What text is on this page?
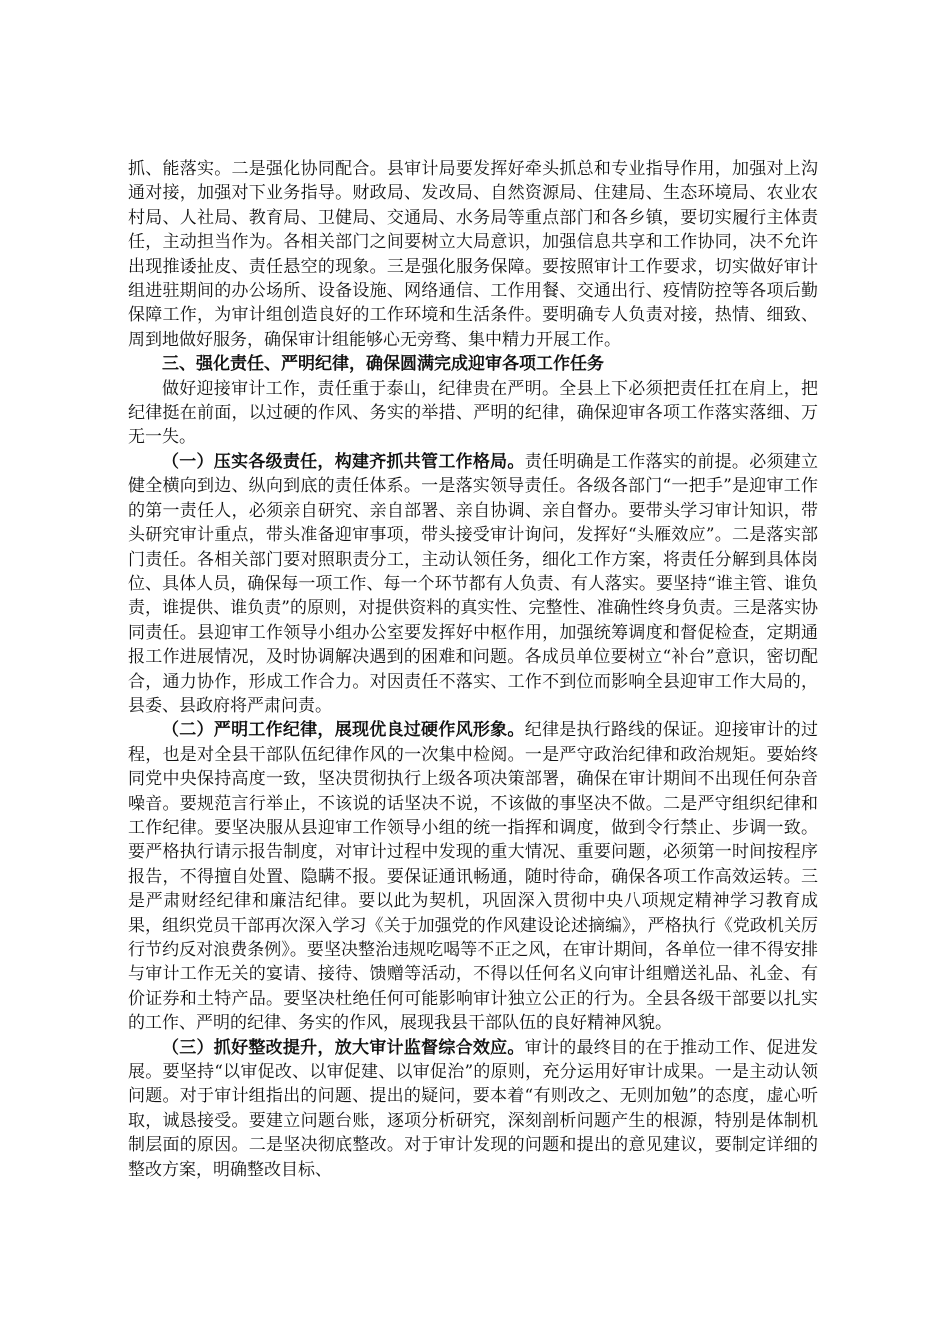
抓、能落实。二是强化协同配合。县审计局要发挥好牵头抓总和专业指导作用，加强对上沟通对接，加强对下业务指导。财政局、发改局、自然资源局、住建局、生态环境局、农业农村局、人社局、教育局、卫健局、交通局、水务局等重点部门和各乡镇，要切实履行主体责任，主动担当作为。各相关部门之间要树立大局意识，加强信息共享和工作协同，决不允许出现推诿扯皮、责任悬空的现象。三是强化服务保障。要按照审计工作要求，切实做好审计组进驻期间的办公场所、设备设施、网络通信、工作用餐、交通出行、疫情防控等各项后勤保障工作，为审计组创造良好的工作环境和生活条件。要明确专人负责对接，热情、细致、周到地做好服务，确保审计组能够心无旁骛、集中精力开展工作。

三、强化责任、严明纪律，确保圆满完成迎审各项工作任务

做好迎接审计工作，责任重于泰山，纪律贵在严明。全县上下必须把责任扛在肩上，把纪律挺在前面，以过硬的作风、务实的举措、严明的纪律，确保迎审各项工作落实落细、万无一失。

（一）压实各级责任，构建齐抓共管工作格局。责任明确是工作落实的前提。必须建立健全横向到边、纵向到底的责任体系。一是落实领导责任。各级各部门“一把手”是迎审工作的第一责任人，必须亲自研究、亲自部署、亲自协调、亲自督办。要带头学习审计知识，带头研究审计重点，带头准备迎审事项，带头接受审计询问，发挥好“头雁效应”。二是落实部门责任。各相关部门要对照职责分工，主动认领任务，细化工作方案，将责任分解到具体岗位、具体人员，确保每一项工作、每一个环节都有人负责、有人落实。要坚持“谁主管、谁负责，谁提供、谁负责”的原则，对提供资料的真实性、完整性、准确性终身负责。三是落实协同责任。县迎审工作领导小组办公室要发挥好中枢作用，加强统筹调度和督促检查，定期通报工作进展情况，及时协调解决遇到的困难和问题。各成员单位要树立“补台”意识，密切配合，通力协作，形成工作合力。对因责任不落实、工作不到位而影响全县迎审工作大局的，县委、县政府将严肃问责。

（二）严明工作纪律，展现优良过硬作风形象。纪律是执行路线的保证。迎接审计的过程，也是对全县干部队伍纪律作风的一次集中检阅。一是严守政治纪律和政治规矩。要始终同党中央保持高度一致，坚决贯彻执行上级各项决策部署，确保在审计期间不出现任何杂音噪音。要规范言行举止，不该说的话坚决不说，不该做的事坚决不做。二是严守组织纪律和工作纪律。要坚决服从县迎审工作领导小组的统一指挥和调度，做到令行禁止、步调一致。要严格执行请示报告制度，对审计过程中发现的重大情况、重要问题，必须第一时间按程序报告，不得擅自处置、隐瞒不报。要保证通讯畅通，随时待命，确保各项工作高效运转。三是严肃财经纪律和廉洁纪律。要以此为契机，巩固深入贯彻中央八项规定精神学习教育成果，组织党员干部再次深入学习《关于加强党的作风建设论述摘编》，严格执行《党政机关厉行节约反对浪费条例》。要坚决整治违规吃喝等不正之风，在审计期间，各单位一律不得安排与审计工作无关的宴请、接待、馈赠等活动，不得以任何名义向审计组赠送礼品、礼金、有价证券和土特产品。要坚决杜绝任何可能影响审计独立公正的行为。全县各级干部要以扎实的工作、严明的纪律、务实的作风，展现我县干部队伍的良好精神风貌。

（三）抓好整改提升，放大审计监督综合效应。审计的最终目的在于推动工作、促进发展。要坚持“以审促改、以审促建、以审促治”的原则，充分运用好审计成果。一是主动认领问题。对于审计组指出的问题、提出的疑问，要本着“有则改之、无则加勉”的态度，虚心听取，诚恳接受。要建立问题台账，逐项分析研究，深刻剖析问题产生的根源，特别是体制机制层面的原因。二是坚决彻底整改。对于审计发现的问题和提出的意见建议，要制定详细的整改方案，明确整改目标、
